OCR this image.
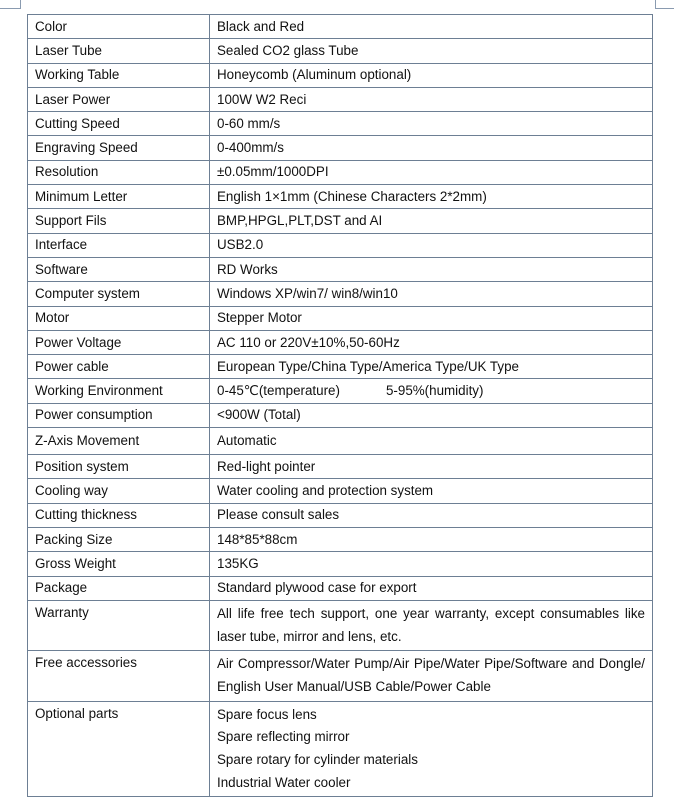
Color	Black and Red
Laser Tube	Sealed CO2 glass Tube
Working Table	Honeycomb (Aluminum optional)
Laser Power	100W W2 Reci
Cutting Speed	0-60 mm/s
Engraving Speed	0-400mm/s
Resolution	±0.05mm/1000DPI
Minimum Letter	English 1×1mm (Chinese Characters 2*2mm)
Support Fils	BMP,HPGL,PLT,DST and AI
Interface	USB2.0
Software	RD Works
Computer system	Windows XP/win7/ win8/win10
Motor	Stepper Motor
Power Voltage	AC 110 or 220V±10%,50-60Hz
Power cable	European Type/China Type/America Type/UK Type
Working Environment	0-45℃(temperature) 5-95%(humidity)
Power consumption	<900W (Total)
Z-Axis Movement	Automatic
Position system	Red-light pointer
Cooling way	Water cooling and protection system
Cutting thickness	Please consult sales
Packing Size	148*85*88cm
Gross Weight	135KG
Package	Standard plywood case for export
Warranty	All life free tech support, one year warranty, except consumables like laser tube, mirror and lens, etc.
Free accessories	Air Compressor/Water Pump/Air Pipe/Water Pipe/Software and Dongle/ English User Manual/USB Cable/Power Cable
Optional parts	Spare focus lens
Spare reflecting mirror
Spare rotary for cylinder materials
Industrial Water cooler
